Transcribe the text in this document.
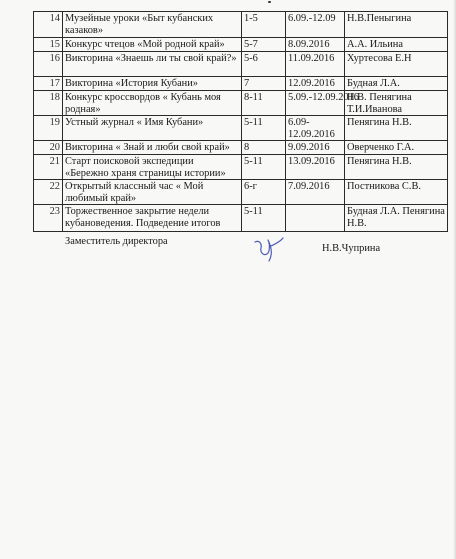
14	Музейные уроки «Быт кубанских казаков»	1-5	6.09.-12.09	Н.В.Пеныгина
15	Конкурс чтецов «Мой родной край»	5-7	8.09.2016	А.А. Ильина
16	Викторина «Знаешь ли ты свой край?»	5-6	11.09.2016	Хуртесова Е.Н
17	Викторина «История Кубани»	7	12.09.2016	Будная Л.А.
18	Конкурс кроссвордов « Кубань моя родная»	8-11	5.09.-12.09.2016	Н.В. Пенягина Т.И.Иванова
19	Устный журнал « Имя Кубани»	5-11	6.09-12.09.2016	Пенягина Н.В.
20	Викторина « Знай и люби свой край»	8	9.09.2016	Оверченко Г.А.
21	Старт поисковой экспедиции «Бережно храня страницы истории»	5-11	13.09.2016	Пенягина Н.В.
22	Открытый классный час « Мой любимый край»	6-г	7.09.2016	Постникова С.В.
23	Торжественное закрытие недели кубановедения. Подведение итогов	5-11		Будная Л.А. Пенягина Н.В.
Заместитель директора
Н.В.Чуприна
